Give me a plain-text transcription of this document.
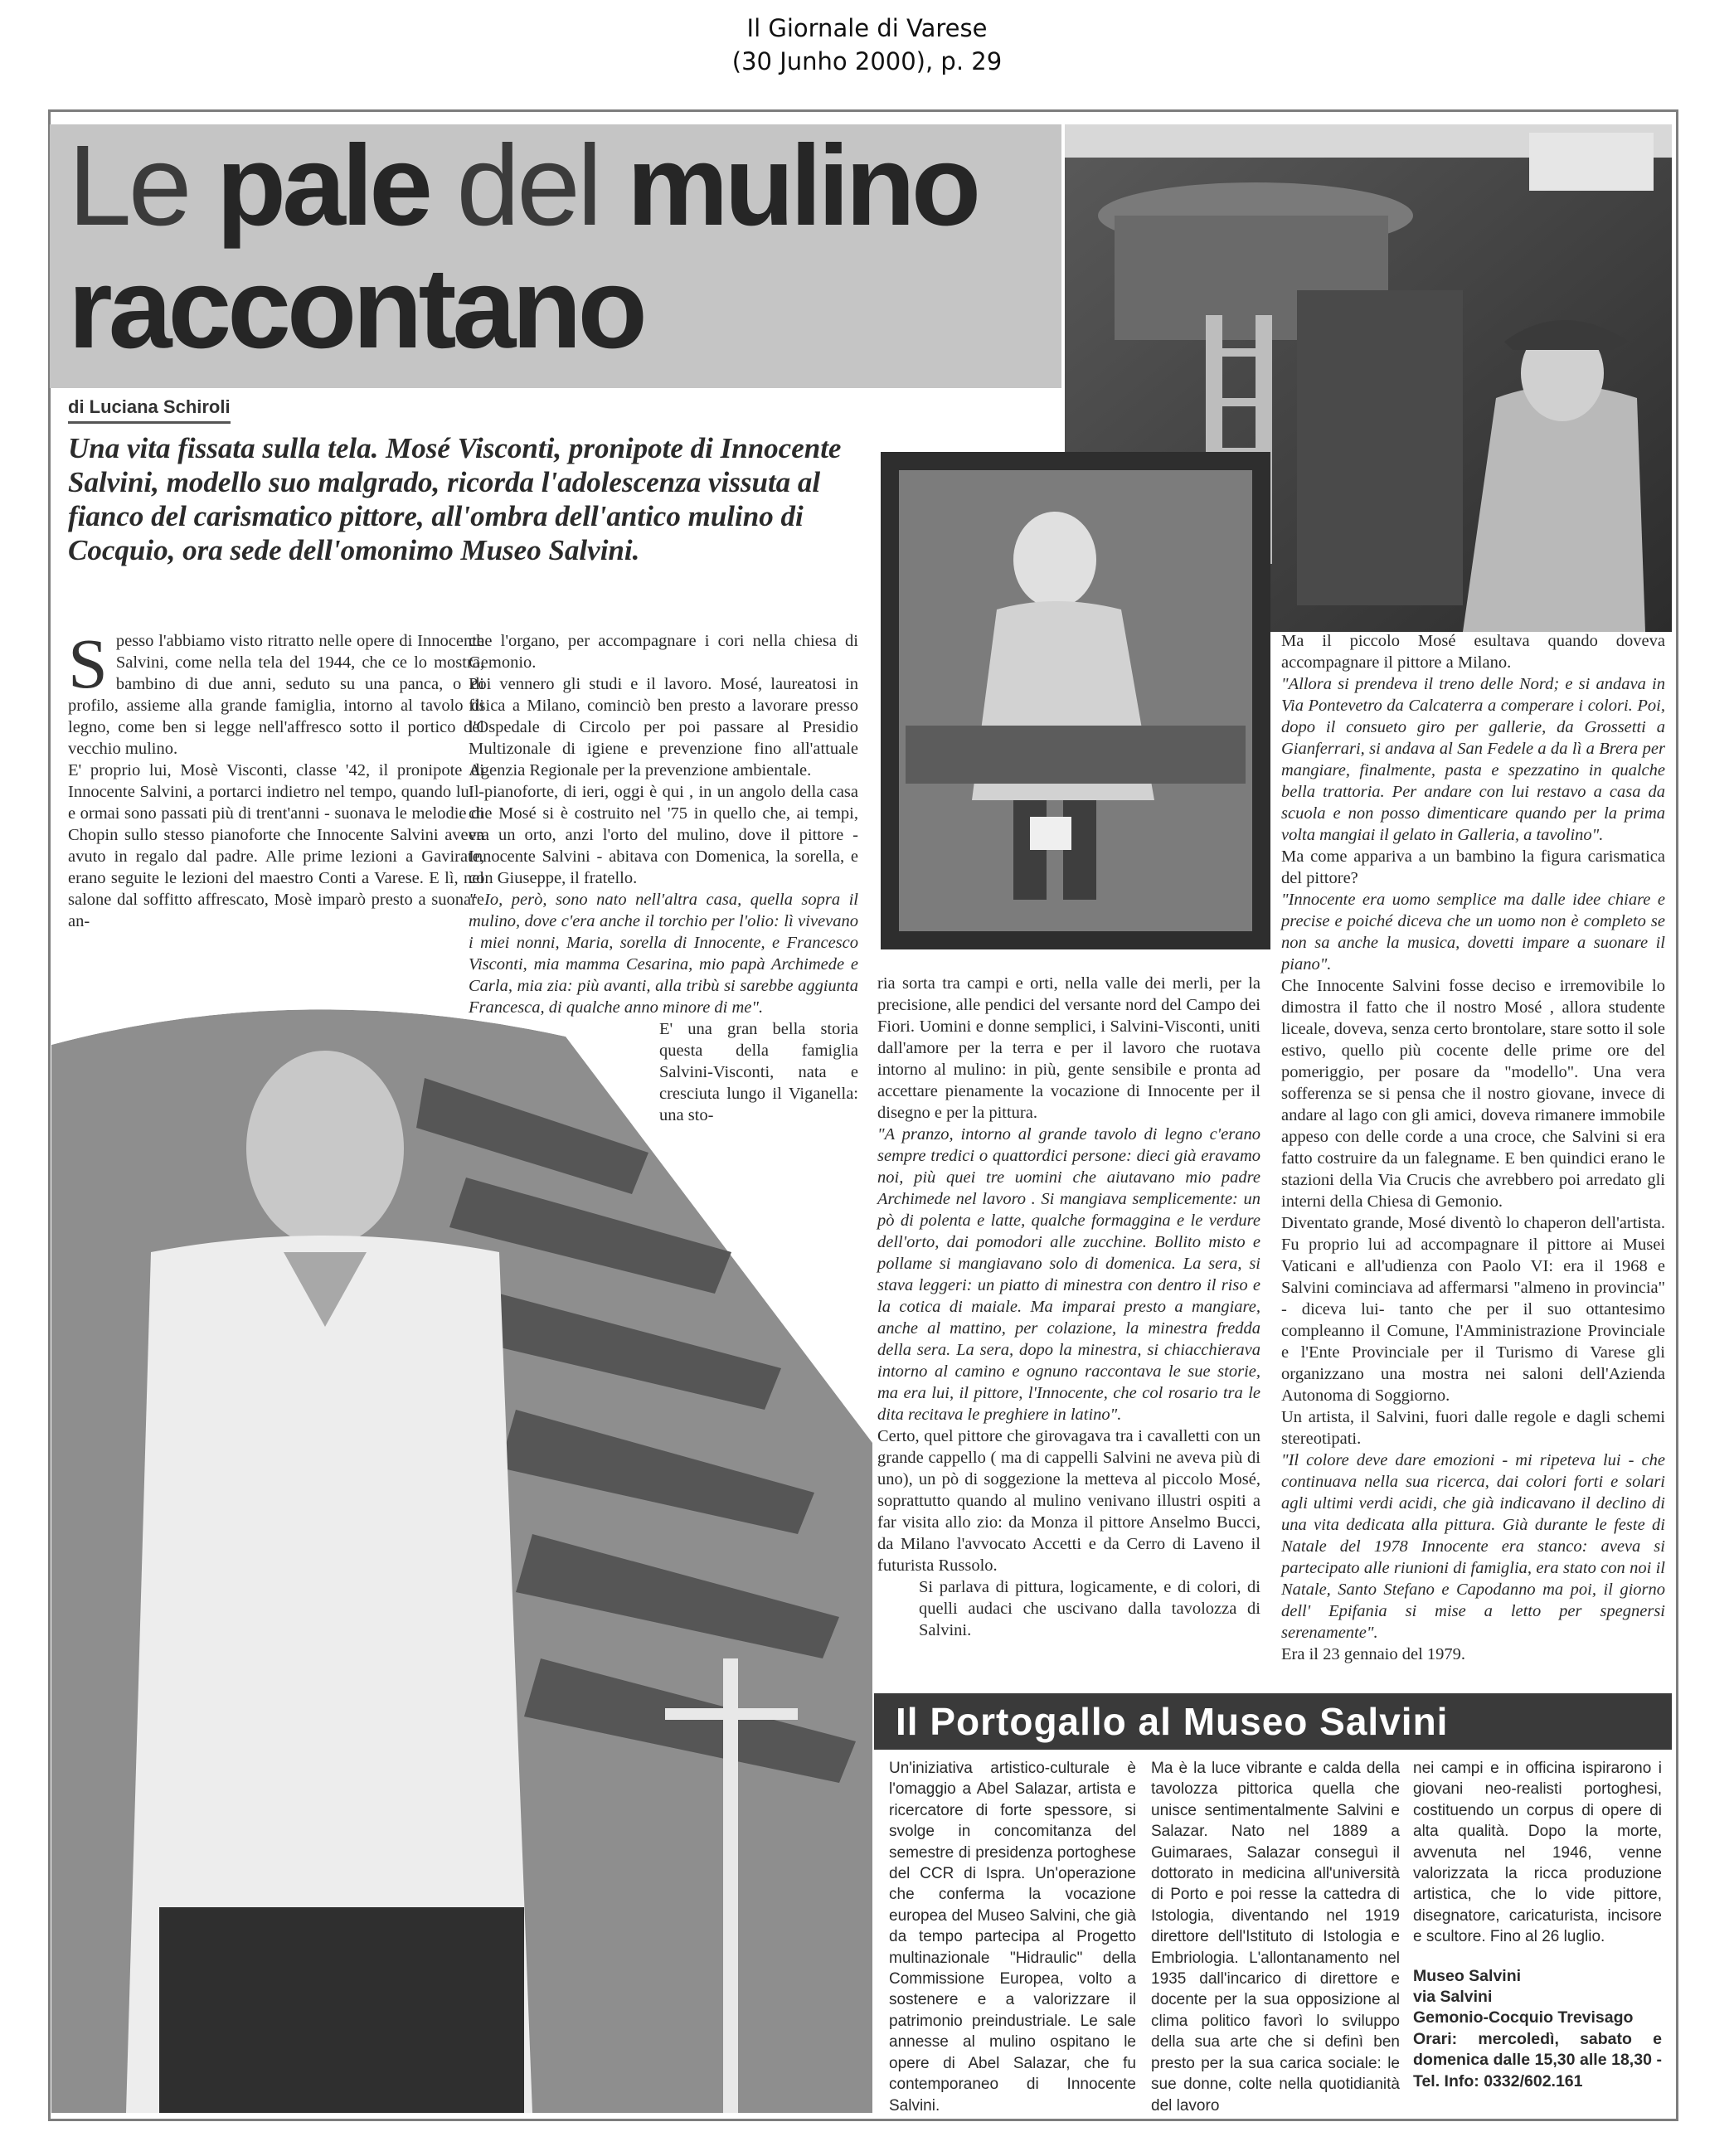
Il Giornale di Varese
(30 Junho 2000), p. 29
Le pale del mulino
raccontano
di Luciana Schiroli
Una vita fissata sulla tela. Mosé Visconti, pronipote di Innocente Salvini, modello suo malgrado, ricorda l'adolescenza vissuta al fianco del carismatico pittore, all'ombra dell'antico mulino di Cocquio, ora sede dell'omonimo Museo Salvini.

Spesso l'abbiamo visto ritratto nelle opere di Innocente Salvini, come nella tela del 1944, che ce lo mostra, bambino di due anni, seduto su una panca, o di profilo, assieme alla grande famiglia, intorno al tavolo di legno, come ben si legge nell'affresco sotto il portico del vecchio mulino.

E' proprio lui, Mosè Visconti, classe '42, il pronipote di Innocente Salvini, a portarci indietro nel tempo, quando lui - e ormai sono passati più di trent'anni - suonava le melodie di Chopin sullo stesso pianoforte che Innocente Salvini aveva avuto in regalo dal padre. Alle prime lezioni a Gavirate, erano seguite le lezioni del maestro Conti a Varese. E lì, nel salone dal soffitto affrescato, Mosè imparò presto a suonare an-

che l'organo, per accompagnare i cori nella chiesa di Gemonio.

Poi vennero gli studi e il lavoro. Mosé, laureatosi in fisica a Milano, cominciò ben presto a lavorare presso l'Ospedale di Circolo per poi passare al Presidio Multizonale di igiene e prevenzione fino all'attuale Agenzia Regionale per la prevenzione ambientale.

Il pianoforte, di ieri, oggi è qui , in un angolo della casa che Mosé si è costruito nel '75 in quello che, ai tempi, era un orto, anzi l'orto del mulino, dove il pittore - Innocente Salvini - abitava con Domenica, la sorella, e con Giuseppe, il fratello.

" Io, però, sono nato nell'altra casa, quella sopra il mulino, dove c'era anche il torchio per l'olio: lì vivevano i miei nonni, Maria, sorella di Innocente, e Francesco Visconti, mia mamma Cesarina, mio papà Archimede e Carla, mia zia: più avanti, alla tribù si sarebbe aggiunta Francesca, di qualche anno minore di me".

E' una gran bella storia questa della famiglia Salvini-Visconti, nata e cresciuta lungo il Viganella: una sto-

ria sorta tra campi e orti, nella valle dei merli, per la precisione, alle pendici del versante nord del Campo dei Fiori. Uomini e donne semplici, i Salvini-Visconti, uniti dall'amore per la terra e per il lavoro che ruotava intorno al mulino: in più, gente sensibile e pronta ad accettare pienamente la vocazione di Innocente per il disegno e per la pittura.

"A pranzo, intorno al grande tavolo di legno c'erano sempre tredici o quattordici persone: dieci già eravamo noi, più quei tre uomini che aiutavano mio padre Archimede nel lavoro . Si mangiava semplicemente: un pò di polenta e latte, qualche formaggina e le verdure dell'orto, dai pomodori alle zucchine. Bollito misto e pollame si mangiavano solo di domenica. La sera, si stava leggeri: un piatto di minestra con dentro il riso e la cotica di maiale. Ma imparai presto a mangiare, anche al mattino, per colazione, la minestra fredda della sera. La sera, dopo la minestra, si chiacchierava intorno al camino e ognuno raccontava le sue storie, ma era lui, il pittore, l'Innocente, che col rosario tra le dita recitava le preghiere in latino".

Certo, quel pittore che girovagava tra i cavalletti con un grande cappello ( ma di cappelli Salvini ne aveva più di uno), un pò di soggezione la metteva al piccolo Mosé, soprattutto quando al mulino venivano illustri ospiti a far visita allo zio: da Monza il pittore Anselmo Bucci, da Milano l'avvocato Accetti e da Cerro di Laveno il futurista Russolo.

Si parlava di pittura, logicamente, e di colori, di quelli audaci che uscivano dalla tavolozza di Salvini.

Ma il piccolo Mosé esultava quando doveva accompagnare il pittore a Milano.

"Allora si prendeva il treno delle Nord; e si andava in Via Pontevetro da Calcaterra a comperare i colori. Poi, dopo il consueto giro per gallerie, da Grossetti a Gianferrari, si andava al San Fedele a da lì a Brera per mangiare, finalmente, pasta e spezzatino in qualche bella trattoria. Per andare con lui restavo a casa da scuola e non posso dimenticare quando per la prima volta mangiai il gelato in Galleria, a tavolino".

Ma come appariva a un bambino la figura carismatica del pittore?

"Innocente era uomo semplice ma dalle idee chiare e precise e poiché diceva che un uomo non è completo se non sa anche la musica, dovetti impare a suonare il piano".

Che Innocente Salvini fosse deciso e irremovibile lo dimostra il fatto che il nostro Mosé , allora studente liceale, doveva, senza certo brontolare, stare sotto il sole estivo, quello più cocente delle prime ore del pomeriggio, per posare da "modello". Una vera sofferenza se si pensa che il nostro giovane, invece di andare al lago con gli amici, doveva rimanere immobile appeso con delle corde a una croce, che Salvini si era fatto costruire da un falegname. E ben quindici erano le stazioni della Via Crucis che avrebbero poi arredato gli interni della Chiesa di Gemonio.

Diventato grande, Mosé diventò lo chaperon dell'artista. Fu proprio lui ad accompagnare il pittore ai Musei Vaticani e all'udienza con Paolo VI: era il 1968 e Salvini cominciava ad affermarsi "almeno in provincia" - diceva lui- tanto che per il suo ottantesimo compleanno il Comune, l'Amministrazione Provinciale e l'Ente Provinciale per il Turismo di Varese gli organizzano una mostra nei saloni dell'Azienda Autonoma di Soggiorno.

Un artista, il Salvini, fuori dalle regole e dagli schemi stereotipati.

"Il colore deve dare emozioni - mi ripeteva lui - che continuava nella sua ricerca, dai colori forti e solari agli ultimi verdi acidi, che già indicavano il declino di una vita dedicata alla pittura. Già durante le feste di Natale del 1978 Innocente era stanco: aveva si partecipato alle riunioni di famiglia, era stato con noi il Natale, Santo Stefano e Capodanno ma poi, il giorno dell' Epifania si mise a letto per spegnersi serenamente".

Era il 23 gennaio del 1979.

Il Portogallo al Museo Salvini
Un'iniziativa artistico-culturale è l'omaggio a Abel Salazar, artista e ricercatore di forte spessore, si svolge in concomitanza del semestre di presidenza portoghese del CCR di Ispra. Un'operazione che conferma la vocazione europea del Museo Salvini, che già da tempo partecipa al Progetto multinazionale "Hidraulic" della Commissione Europea, volto a sostenere e a valorizzare il patrimonio preindustriale. Le sale annesse al mulino ospitano le opere di Abel Salazar, che fu contemporaneo di Innocente Salvini.
Ma è la luce vibrante e calda della tavolozza pittorica quella che unisce sentimentalmente Salvini e Salazar. Nato nel 1889 a Guimaraes, Salazar conseguì il dottorato in medicina all'università di Porto e poi resse la cattedra di Istologia, diventando nel 1919 direttore dell'Istituto di Istologia e Embriologia. L'allontanamento nel 1935 dall'incarico di direttore e docente per la sua opposizione al clima politico favorì lo sviluppo della sua arte che si definì ben presto per la sua carica sociale: le sue donne, colte nella quotidianità del lavoro
nei campi e in officina ispirarono i giovani neo-realisti portoghesi, costituendo un corpus di opere di alta qualità. Dopo la morte, avvenuta nel 1946, venne valorizzata la ricca produzione artistica, che lo vide pittore, disegnatore, caricaturista, incisore e scultore. Fino al 26 luglio.
Museo Salvini
via Salvini
Gemonio-Cocquio Trevisago
Orari: mercoledì, sabato e domenica dalle 15,30 alle 18,30 - Tel. Info: 0332/602.161
